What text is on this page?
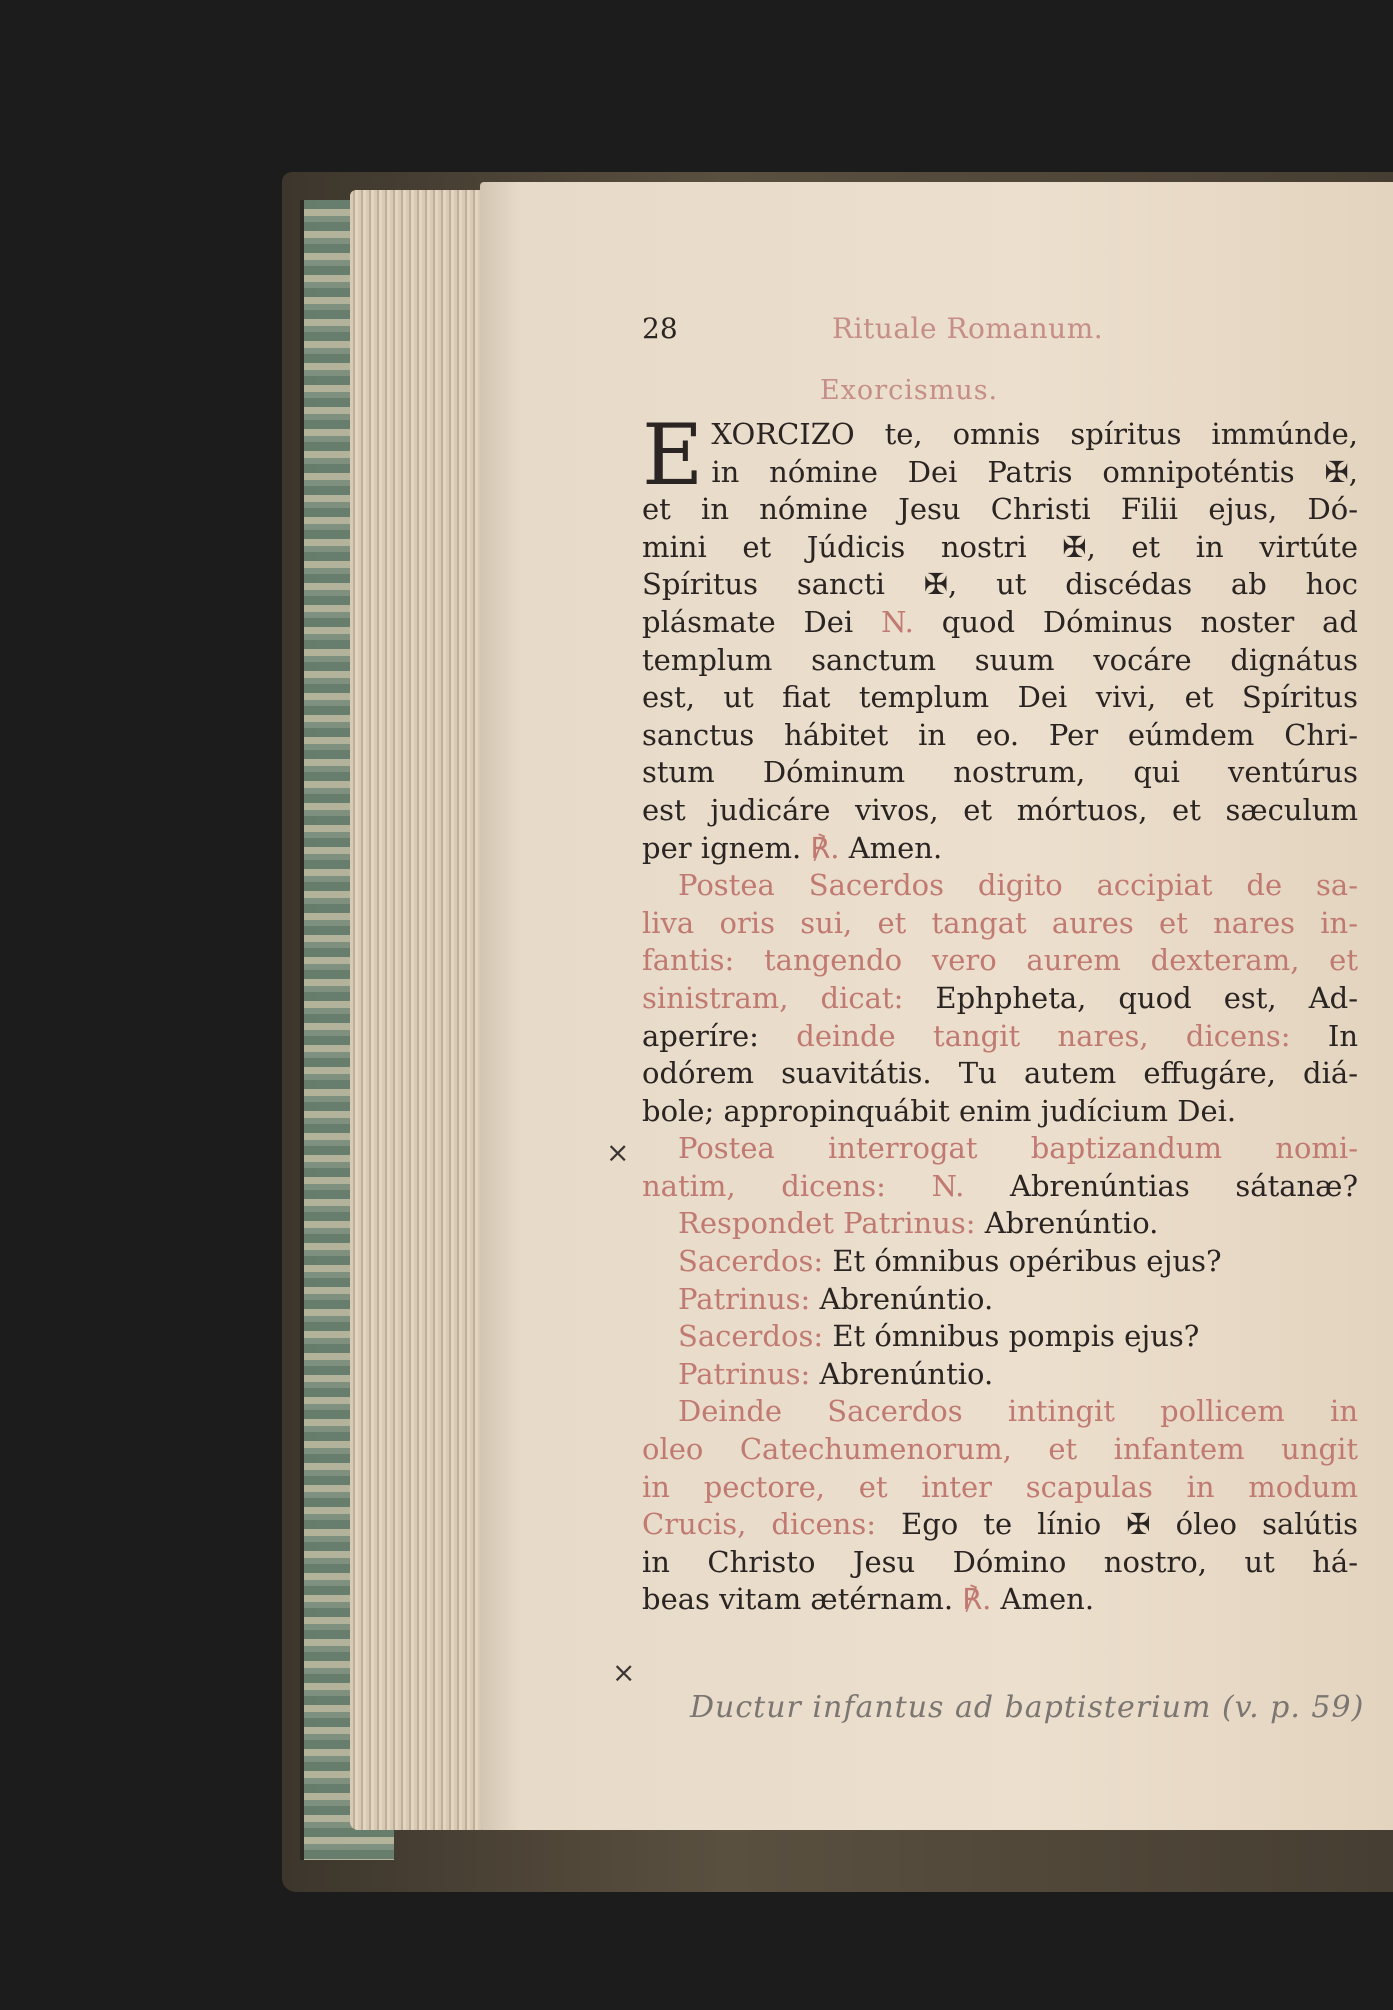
28	Rituale Romanum.
Exorcismus.
E XORCIZO te, omnis spíritus immúnde,
in nómine Dei Patris omnipoténtis ✠,
et in nómine Jesu Christi Filii ejus, Dó-
mini et Júdicis nostri ✠, et in virtúte
Spíritus sancti ✠, ut discédas ab hoc
plásmate Dei N. quod Dóminus noster ad
templum sanctum suum vocáre dignátus
est, ut fiat templum Dei vivi, et Spíritus
sanctus hábitet in eo. Per eúmdem Chri-
stum Dóminum nostrum, qui ventúrus
est judicáre vivos, et mórtuos, et sæculum
per ignem. ℟. Amen.
Postea Sacerdos digito accipiat de sa-
liva oris sui, et tangat aures et nares in-
fantis: tangendo vero aurem dexteram, et
sinistram, dicat: Ephpheta, quod est, Ad-
aperíre: deinde tangit nares, dicens: In
odórem suavitátis. Tu autem effugáre, diá-
bole; appropinquábit enim judícium Dei.
Postea interrogat baptizandum nomi-
natim, dicens: N. Abrenúntias sátanæ?
Respondet Patrinus: Abrenúntio.
Sacerdos: Et ómnibus opéribus ejus?
Patrinus: Abrenúntio.
Sacerdos: Et ómnibus pompis ejus?
Patrinus: Abrenúntio.
Deinde Sacerdos intingit pollicem in
oleo Catechumenorum, et infantem ungit
in pectore, et inter scapulas in modum
Crucis, dicens: Ego te línio ✠ óleo salútis
in Christo Jesu Dómino nostro, ut há-
beas vitam ætérnam. ℟. Amen.
×
×
Ductur infantus ad baptisterium (v. p. 59)
